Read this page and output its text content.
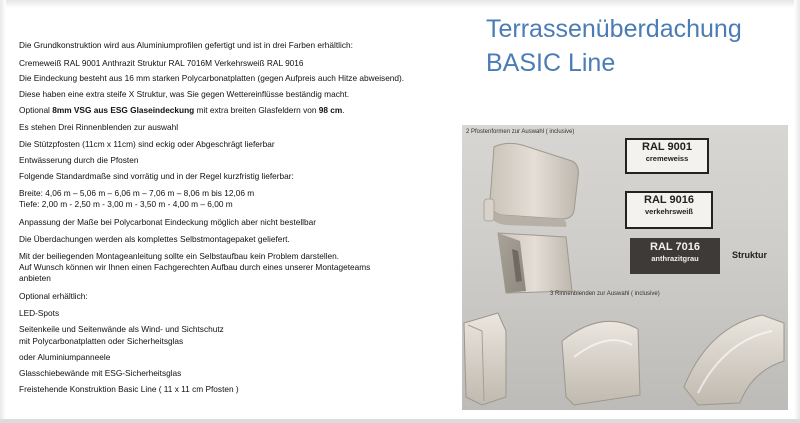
Terrassenüberdachung
BASIC Line
Die Grundkonstruktion wird aus Aluminiumprofilen gefertigt und ist in drei Farben erhältlich:
Cremeweiß RAL 9001 Anthrazit Struktur RAL 7016M Verkehrsweiß RAL 9016
Die Eindeckung besteht aus 16 mm starken Polycarbonatplatten (gegen Aufpreis auch Hitze abweisend).
Diese haben eine extra steife X Struktur, was Sie gegen Wettereinflüsse beständig macht.
Optional 8mm VSG aus ESG Glaseindeckung mit extra breiten Glasfeldern von 98 cm.
Es stehen Drei Rinnenblenden zur auswahl
Die Stützpfosten (11cm x 11cm) sind eckig oder Abgeschrägt lieferbar
Entwässerung durch die Pfosten
Folgende Standardmaße sind vorrätig und in der Regel kurzfristig lieferbar:
Breite: 4,06 m – 5,06 m – 6,06 m – 7,06 m – 8,06 m bis 12,06 m
Tiefe: 2,00 m - 2,50 m - 3,00 m - 3,50 m - 4,00 m – 6,00 m
Anpassung der Maße bei Polycarbonat Eindeckung möglich aber nicht bestellbar
Die Überdachungen werden als komplettes Selbstmontagepaket geliefert.
Mit der beiliegenden Montageanleitung sollte ein Selbstaufbau kein Problem darstellen.
Auf Wunsch können wir Ihnen einen Fachgerechten Aufbau durch eines unserer Montageteams
anbieten
Optional erhältlich:
LED-Spots
Seitenkeile und Seitenwände als Wind- und Sichtschutz
mit Polycarbonatplatten oder Sicherheitsglas
oder Aluminiumpanneele
Glasschiebewände mit ESG-Sicherheitsglas
Freistehende Konstruktion Basic Line ( 11 x 11 cm Pfosten )
2 Pfostenformen zur Auswahl ( inclusive)
RAL 9001
cremeweiss
RAL 9016
verkehrsweiß
RAL 7016
anthrazitgrau	Struktur
3 Rinnenblenden zur Auswahl ( inclusive)
